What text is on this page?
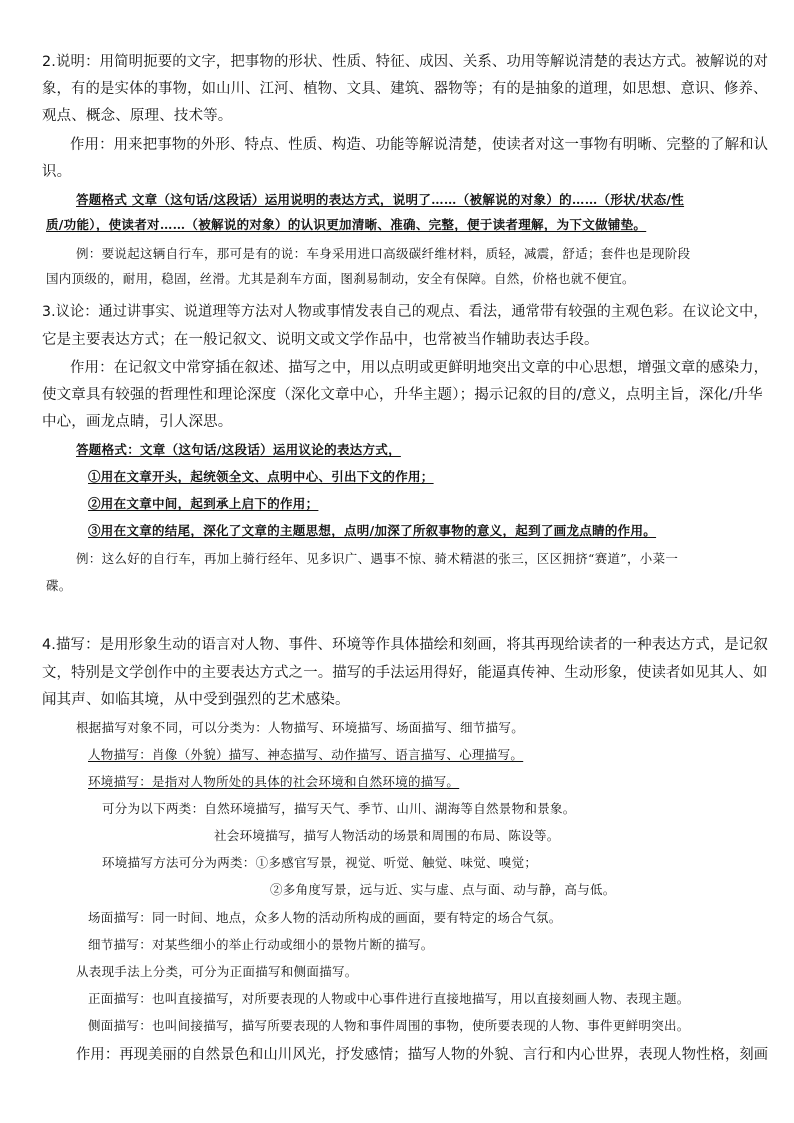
2.说明：用简明扼要的文字，把事物的形状、性质、特征、成因、关系、功用等解说清楚的表达方式。被解说的对
象，有的是实体的事物，如山川、江河、植物、文具、建筑、器物等；有的是抽象的道理，如思想、意识、修养、
观点、概念、原理、技术等。
作用：用来把事物的外形、特点、性质、构造、功能等解说清楚，使读者对这一事物有明晰、完整的了解和认
识。
答题格式 文章（这句话/这段话）运用说明的表达方式，说明了……（被解说的对象）的……（形状/状态/性
质/功能），使读者对……（被解说的对象）的认识更加清晰、准确、完整，便于读者理解，为下文做铺垫。
例：要说起这辆自行车，那可是有的说：车身采用进口高级碳纤维材料，质轻，减震，舒适；套件也是现阶段
国内顶级的，耐用，稳固，丝滑。尤其是刹车方面，图刹易制动，安全有保障。自然，价格也就不便宜。
3.议论：通过讲事实、说道理等方法对人物或事情发表自己的观点、看法，通常带有较强的主观色彩。在议论文中，
它是主要表达方式；在一般记叙文、说明文或文学作品中，也常被当作辅助表达手段。
作用：在记叙文中常穿插在叙述、描写之中，用以点明或更鲜明地突出文章的中心思想，增强文章的感染力，
使文章具有较强的哲理性和理论深度（深化文章中心，升华主题）；揭示记叙的目的/意义，点明主旨，深化/升华
中心，画龙点睛，引人深思。
答题格式：文章（这句话/这段话）运用议论的表达方式，
①用在文章开头，起统领全文、点明中心、引出下文的作用；
②用在文章中间，起到承上启下的作用；
③用在文章的结尾，深化了文章的主题思想，点明/加深了所叙事物的意义，起到了画龙点睛的作用。
例：这么好的自行车，再加上骑行经年、见多识广、遇事不惊、骑术精湛的张三，区区拥挤“赛道”，小菜一
碟。
4.描写：是用形象生动的语言对人物、事件、环境等作具体描绘和刻画，将其再现给读者的一种表达方式，是记叙
文，特别是文学创作中的主要表达方式之一。描写的手法运用得好，能逼真传神、生动形象，使读者如见其人、如
闻其声、如临其境，从中受到强烈的艺术感染。
根据描写对象不同，可以分类为：人物描写、环境描写、场面描写、细节描写。
人物描写：肖像（外貌）描写、神态描写、动作描写、语言描写、心理描写。
环境描写：是指对人物所处的具体的社会环境和自然环境的描写。
可分为以下两类：自然环境描写，描写天气、季节、山川、湖海等自然景物和景象。
社会环境描写，描写人物活动的场景和周围的布局、陈设等。
环境描写方法可分为两类：①多感官写景，视觉、听觉、触觉、味觉、嗅觉；
②多角度写景，远与近、实与虚、点与面、动与静，高与低。
场面描写：同一时间、地点，众多人物的活动所构成的画面，要有特定的场合气氛。
细节描写：对某些细小的举止行动或细小的景物片断的描写。
从表现手法上分类，可分为正面描写和侧面描写。
正面描写：也叫直接描写，对所要表现的人物或中心事件进行直接地描写，用以直接刻画人物、表现主题。
侧面描写：也叫间接描写，描写所要表现的人物和事件周围的事物，使所要表现的人物、事件更鲜明突出。
作用：再现美丽的自然景色和山川风光，抒发感情；描写人物的外貌、言行和内心世界，表现人物性格，刻画
